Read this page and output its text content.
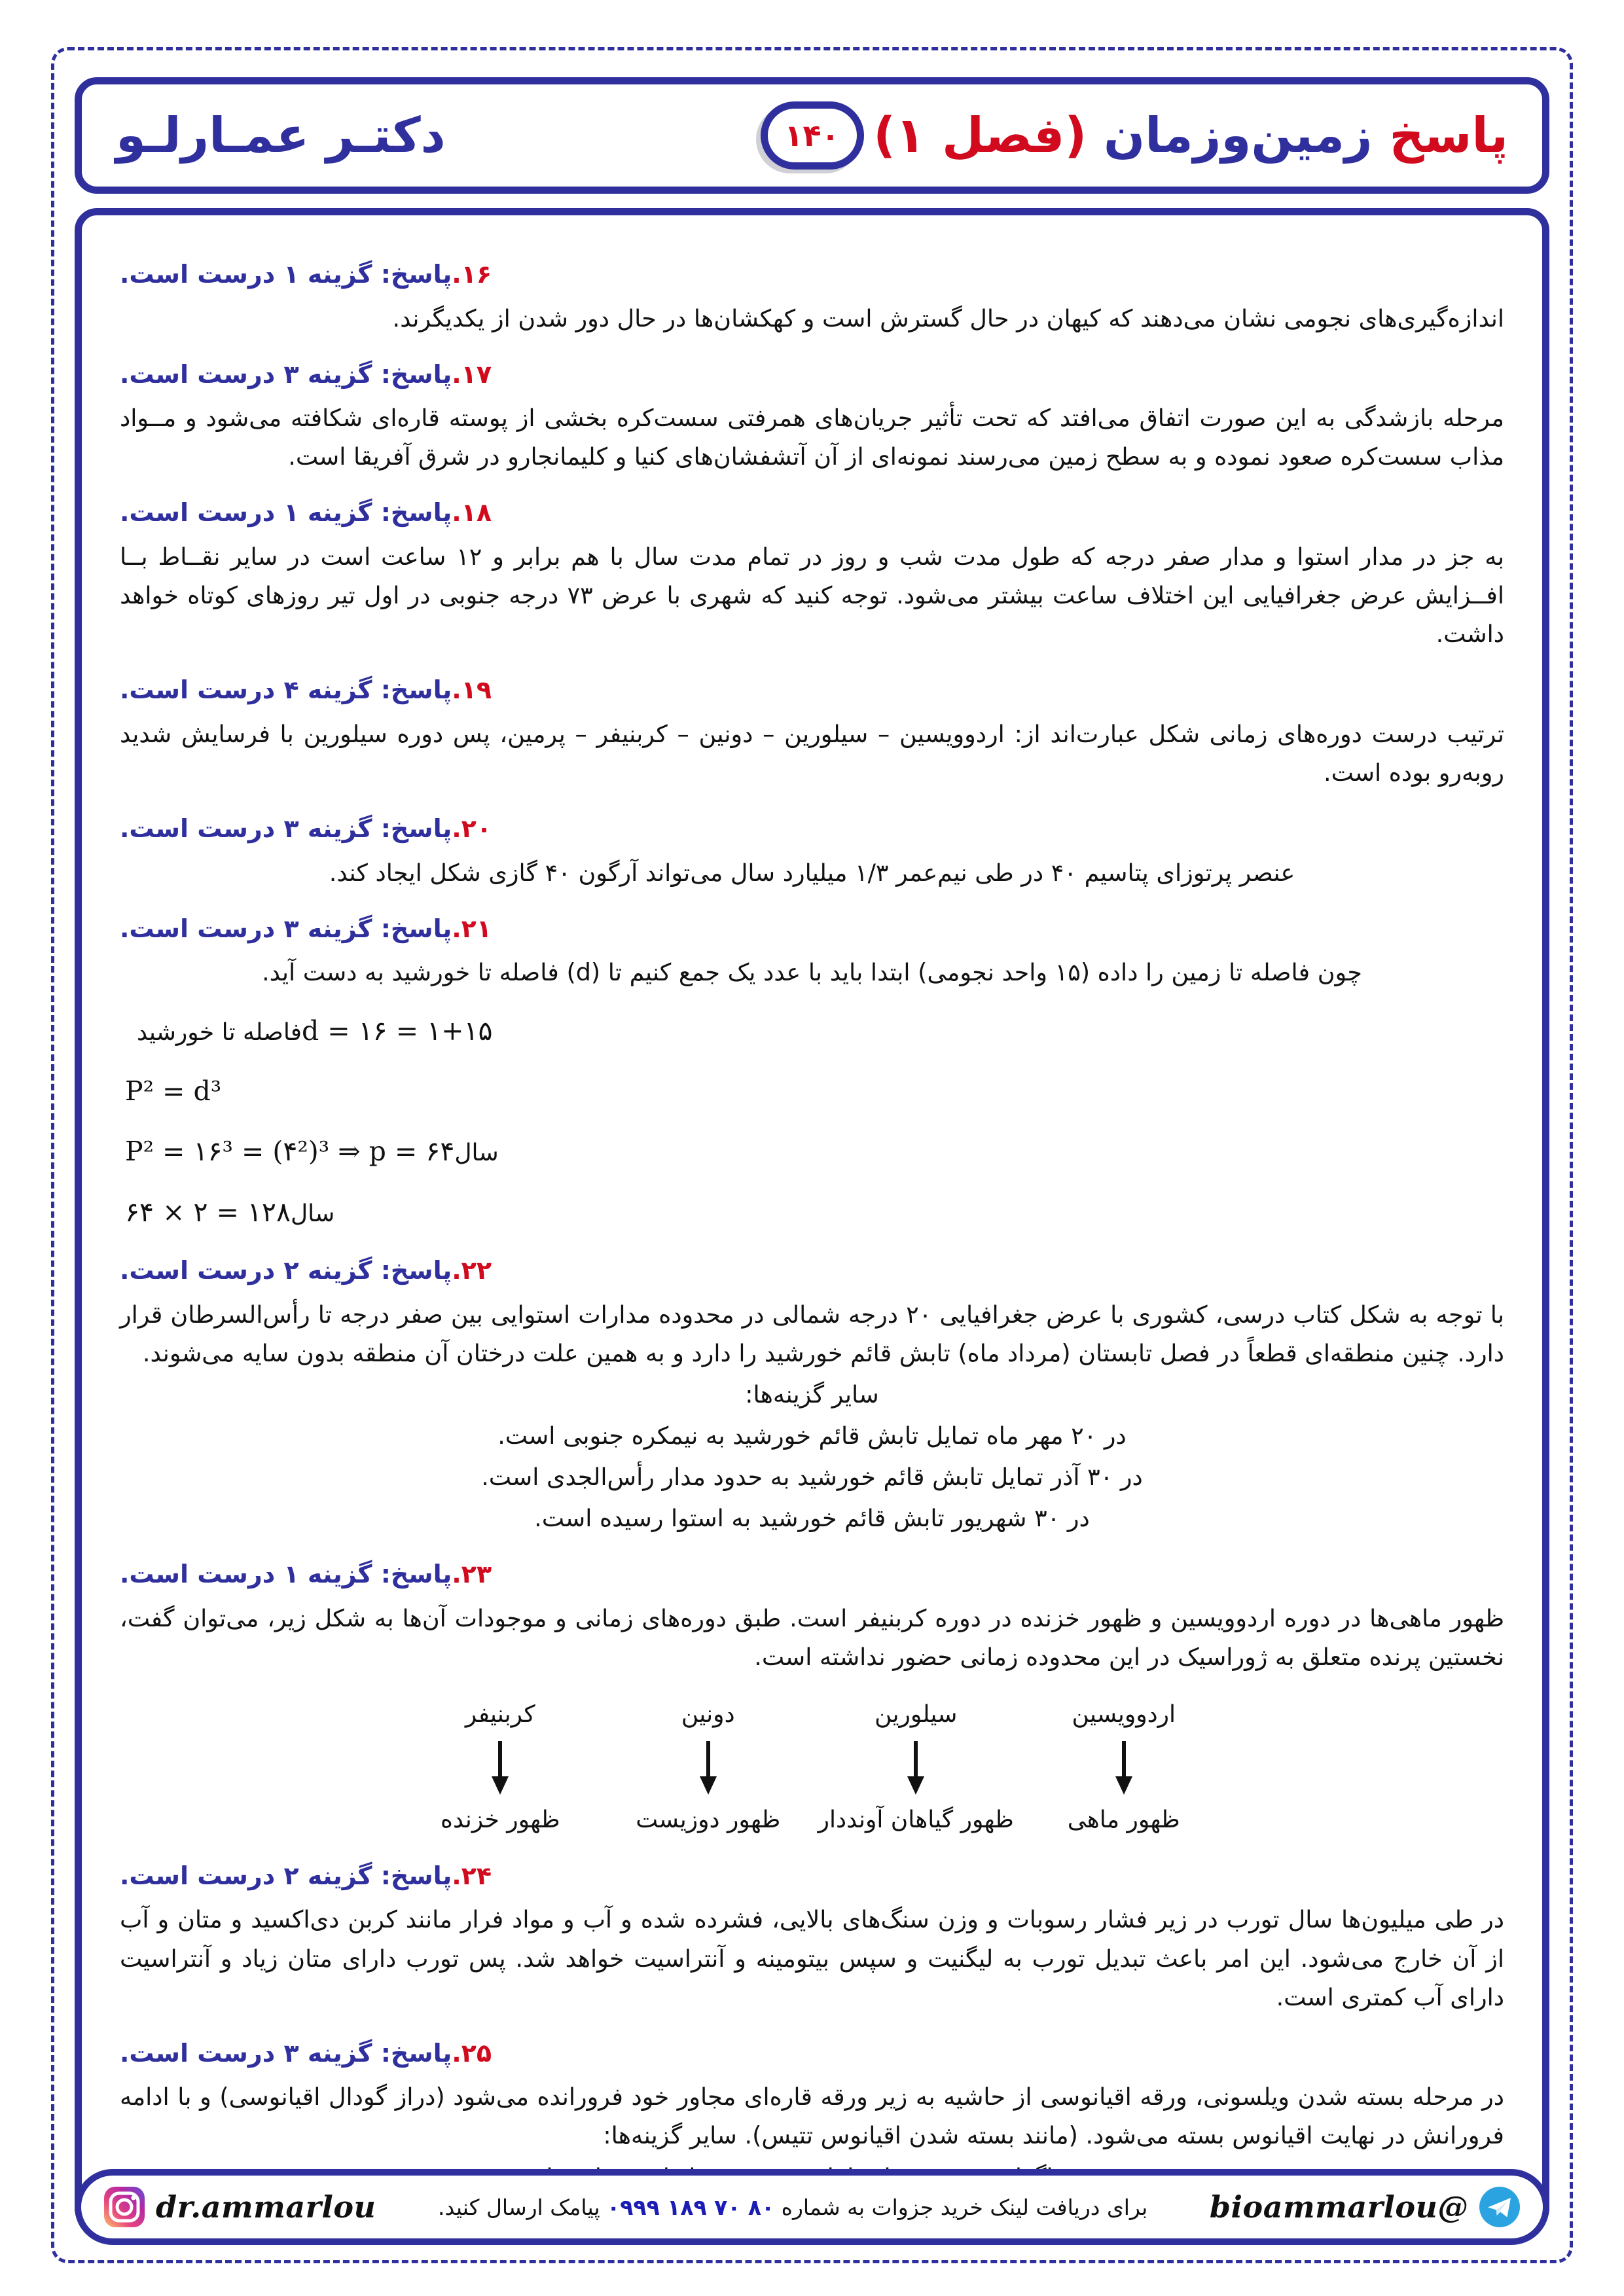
پاسخ زمین‌وزمان (فصل ۱)
۱۴۰
دکتـر عمـارلـو
۱۶.پاسخ: گزینه ۱ درست است.

اندازه‌گیری‌های نجومی نشان می‌دهند که کیهان در حال گسترش است و کهکشان‌ها در حال دور شدن از یکدیگرند.

۱۷.پاسخ: گزینه ۳ درست است.

مرحله بازشدگی به این صورت اتفاق می‌افتد که تحت تأثیر جریان‌های همرفتی سست‌کره بخشی از پوسته قاره‌ای شکافته می‌شود و مــواد مذاب سست‌کره صعود نموده و به سطح زمین می‌رسند نمونه‌ای از آن آتشفشان‌های کنیا و کلیمانجارو در شرق آفریقا است.

۱۸.پاسخ: گزینه ۱ درست است.

به جز در مدار استوا و مدار صفر درجه که طول مدت شب و روز در تمام مدت سال با هم برابر و ۱۲ ساعت است در سایر نقــاط بــا افــزایش عرض جغرافیایی این اختلاف ساعت بیشتر می‌شود. توجه کنید که شهری با عرض ۷۳ درجه جنوبی در اول تیر روزهای کوتاه خواهد داشت.

۱۹.پاسخ: گزینه ۴ درست است.

ترتیب درست دوره‌های زمانی شکل عبارت‌اند از: اردوویسین – سیلورین – دونین – کربنیفر – پرمین، پس دوره سیلورین با فرسایش شدید روبه‌رو بوده است.

۲۰.پاسخ: گزینه ۳ درست است.

عنصر پرتوزای پتاسیم ۴۰ در طی نیم‌عمر ۱/۳ میلیارد سال می‌تواند آرگون ۴۰ گازی شکل ایجاد کند.

۲۱.پاسخ: گزینه ۳ درست است.

چون فاصله تا زمین را داده (۱۵ واحد نجومی) ابتدا باید با عدد یک جمع کنیم تا (d) فاصله تا خورشید به دست آید.

فاصله تا خورشیدd = ۱۶ = ۱+۱۵
P² = d³
P² = ۱۶³ = (۴²)³ ⇒ p = ۶۴سال
۶۴ × ۲ = ۱۲۸سال
۲۲.پاسخ: گزینه ۲ درست است.

با توجه به شکل کتاب درسی، کشوری با عرض جغرافیایی ۲۰ درجه شمالی در محدوده مدارات استوایی بین صفر درجه تا رأس‌السرطان قرار دارد. چنین منطقه‌ای قطعاً در فصل تابستان (مرداد ماه) تابش قائم خورشید را دارد و به همین علت درختان آن منطقه بدون سایه می‌شوند.

سایر گزینه‌ها:

در ۲۰ مهر ماه تمایل تابش قائم خورشید به نیمکره جنوبی است.

در ۳۰ آذر تمایل تابش قائم خورشید به حدود مدار رأس‌الجدی است.

در ۳۰ شهریور تابش قائم خورشید به استوا رسیده است.

۲۳.پاسخ: گزینه ۱ درست است.

ظهور ماهی‌ها در دوره اردوویسین و ظهور خزنده در دوره کربنیفر است. طبق دوره‌های زمانی و موجودات آن‌ها به شکل زیر، می‌توان گفت، نخستین پرنده متعلق به ژوراسیک در این محدوده زمانی حضور نداشته است.

اردوویسین
سیلورین
دونین
کربنیفر
ظهور ماهی
ظهور گیاهان آونددار
ظهور دوزیست
ظهور خزنده
۲۴.پاسخ: گزینه ۲ درست است.

در طی میلیون‌ها سال تورب در زیر فشار رسوبات و وزن سنگ‌های بالایی، فشرده شده و آب و مواد فرار مانند کربن دی‌اکسید و متان و آب از آن خارج می‌شود. این امر باعث تبدیل تورب به لیگنیت و سپس بیتومینه و آنتراسیت خواهد شد. پس تورب دارای متان زیاد و آنتراسیت دارای آب کمتری است.

۲۵.پاسخ: گزینه ۳ درست است.

در مرحله بسته شدن ویلسونی، ورقه اقیانوسی از حاشیه به زیر ورقه قاره‌ای مجاور خود فرورانده می‌شود (دراز گودال اقیانوسی) و با ادامه فرورانش در نهایت اقیانوس بسته می‌شود. (مانند بسته شدن اقیانوس تتیس). سایر گزینه‌ها:

@bioammarlou
برای دریافت لینک خرید جزوات به شماره ۰۹۹۹ ۱۸۹ ۷۰ ۸۰ پیامک ارسال کنید.
dr.ammarlou
